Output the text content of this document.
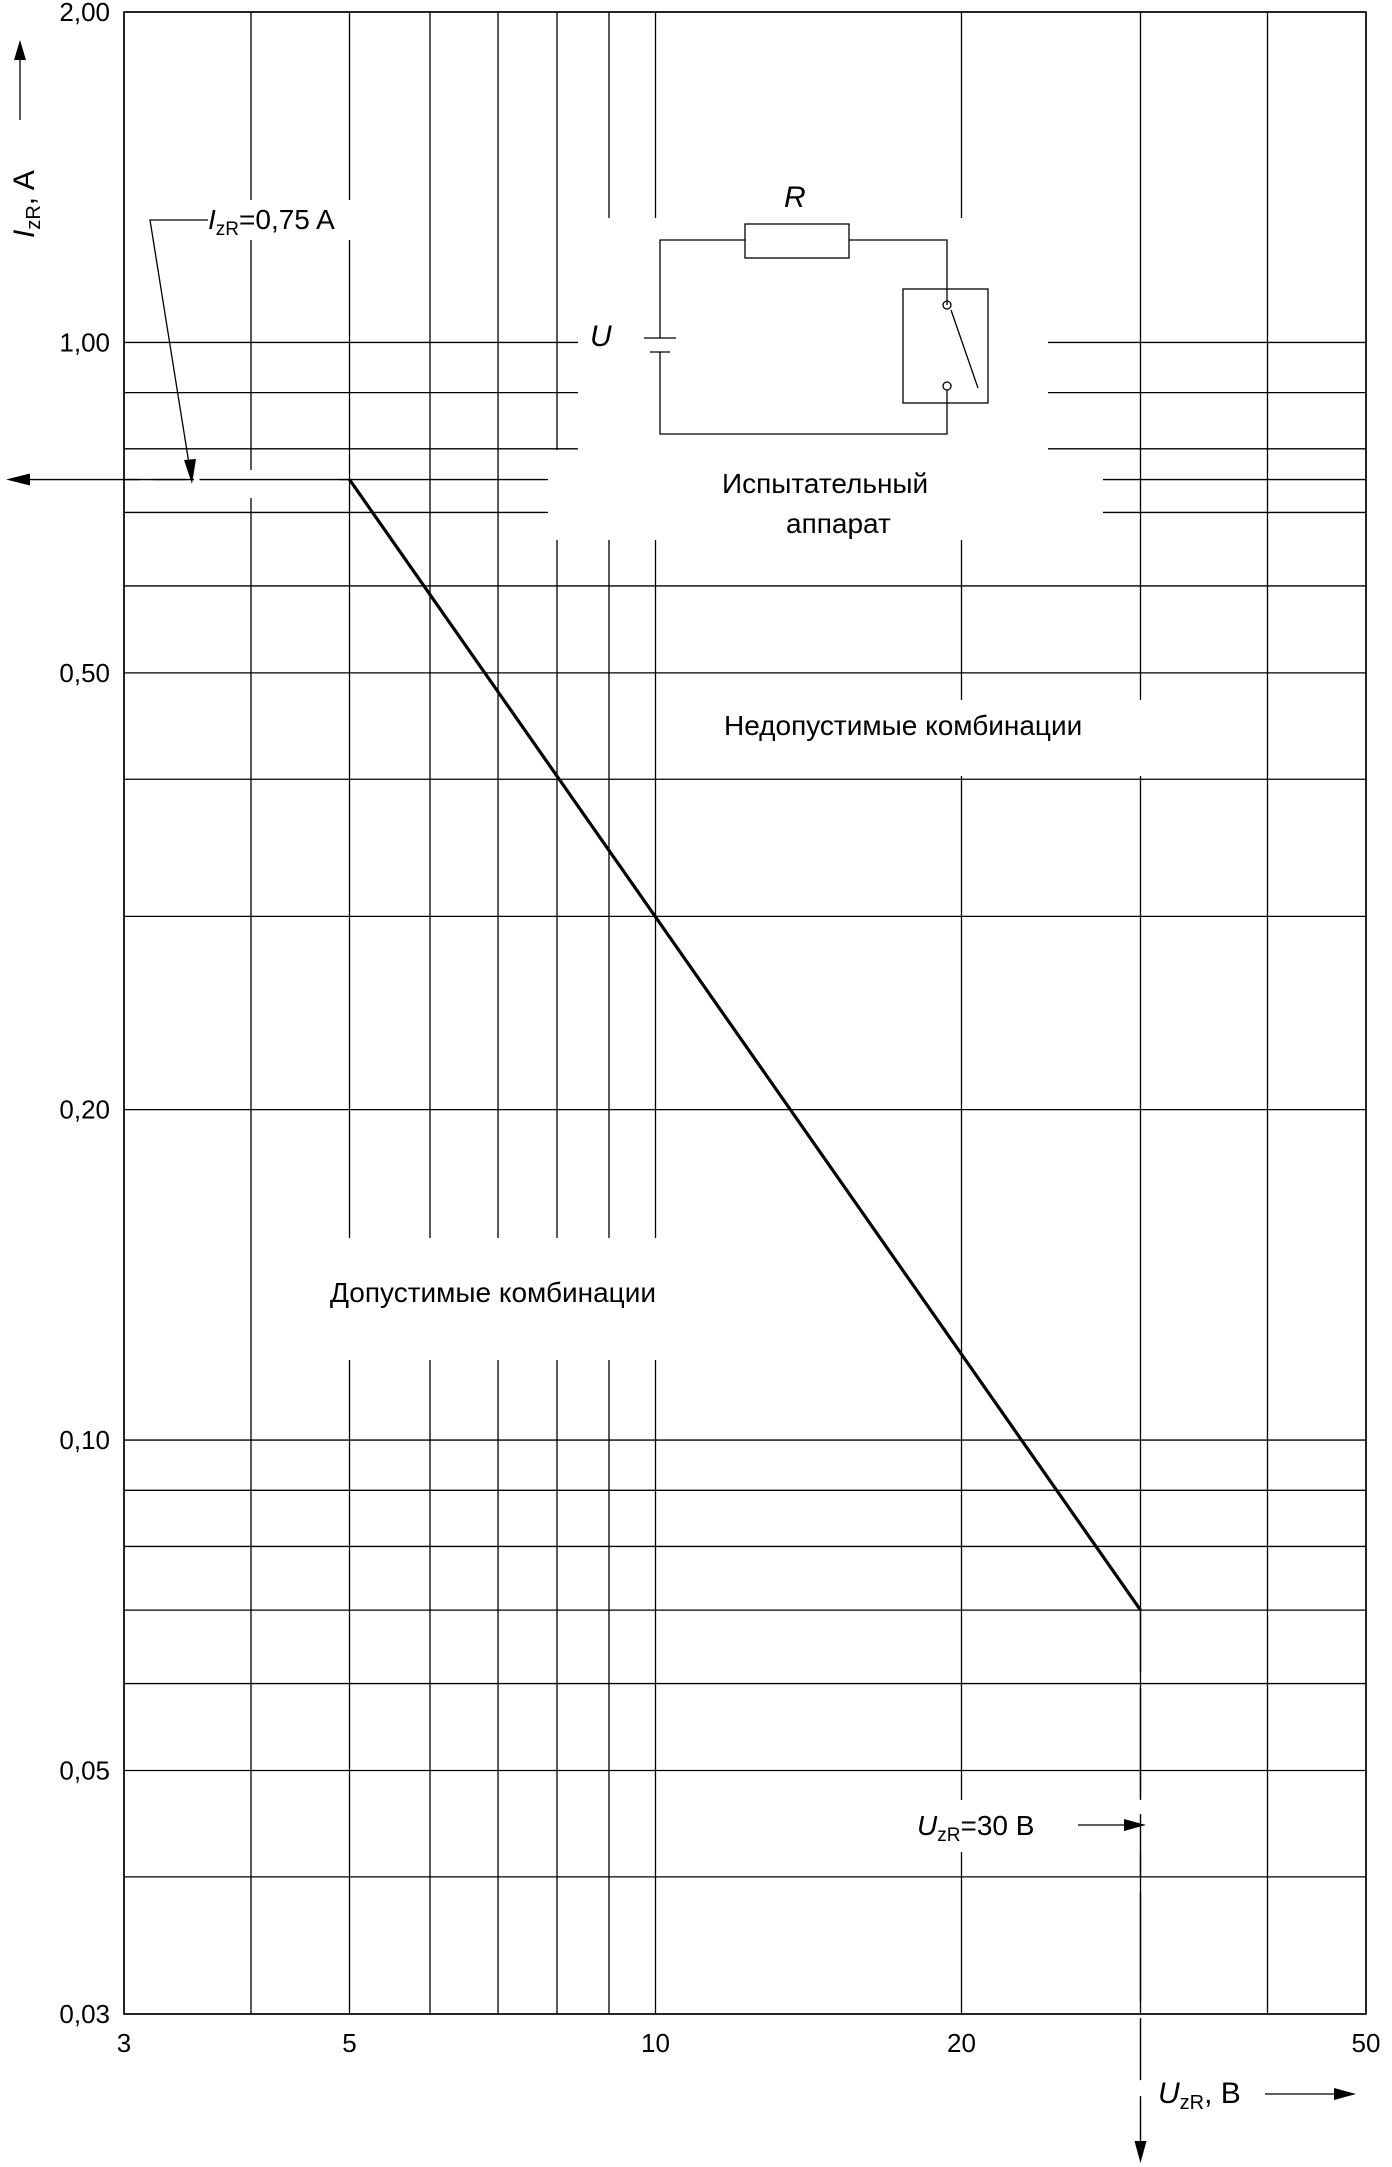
2,00
1,00
0,50
0,20
0,10
0,05
0,03
3	5	10	20	50
$I_{zR}$, A
$U_{zR}$, В
$I_{zR}=0,75$ A
$U_{zR}=30$ В
Недопустимые комбинации
Допустимые комбинации
R
U
Испытательный
аппарат
